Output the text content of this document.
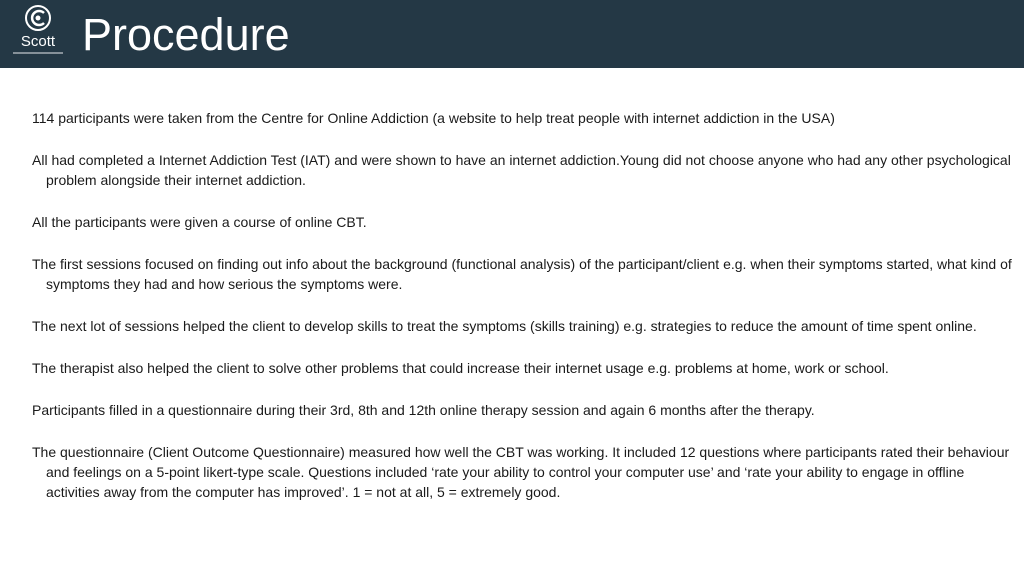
Scott Procedure

114 participants were taken from the Centre for Online Addiction (a website to help treat people with internet addiction in the USA)

All had completed a Internet Addiction Test (IAT) and were shown to have an internet addiction.Young did not choose anyone who had any other psychological problem alongside their internet addiction.

All the participants were given a course of online CBT.

The first sessions focused on finding out info about the background (functional analysis) of the participant/client e.g. when their symptoms started, what kind of symptoms they had and how serious the symptoms were.

The next lot of sessions helped the client to develop skills to treat the symptoms (skills training) e.g. strategies to reduce the amount of time spent online.

The therapist also helped the client to solve other problems that could increase their internet usage e.g. problems at home, work or school.

Participants filled in a questionnaire during their 3rd, 8th and 12th online therapy session and again 6 months after the therapy.

The questionnaire (Client Outcome Questionnaire) measured how well the CBT was working. It included 12 questions where participants rated their behaviour and feelings on a 5-point likert-type scale. Questions included ‘rate your ability to control your computer use’ and ‘rate your ability to engage in offline activities away from the computer has improved’. 1 = not at all, 5 = extremely good.
